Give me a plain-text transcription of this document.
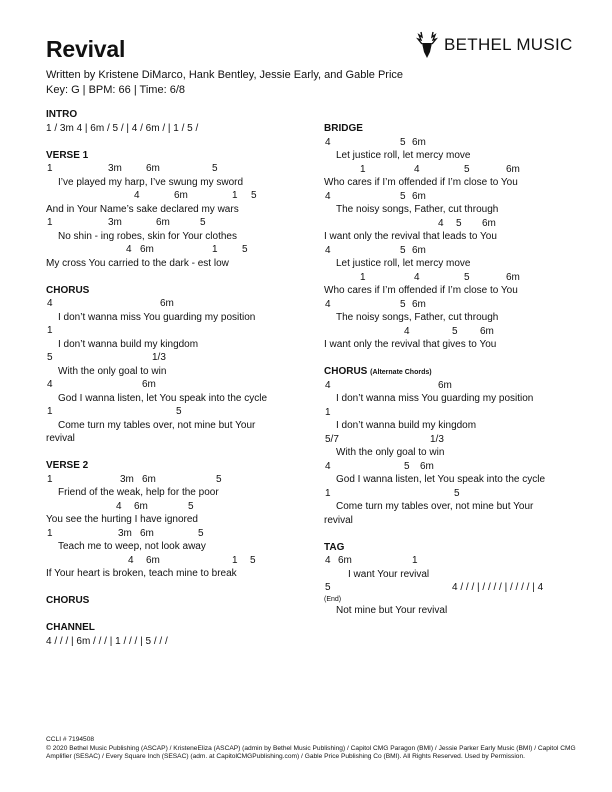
Revival
Written by Kristene DiMarco, Hank Bentley, Jessie Early, and Gable Price
Key: G | BPM: 66 | Time: 6/8
BETHEL MUSIC
INTRO
1 / 3m 4 | 6m / 5 / | 4 / 6m / | 1 / 5 /
VERSE 1
1	3m 6m	5
I’ve played my harp, I’ve swung my sword
4	6m	1 5
And in Your Name’s sake declared my wars
1	3m	6m	5
No shin - ing robes, skin for Your clothes
4 6m	1 5
My cross You carried to the dark - est low
CHORUS
4	6m
I don’t wanna miss You guarding my position
1
I don’t wanna build my kingdom
5	1/3
With the only goal to win
4	6m
God I wanna listen, let You speak into the cycle
1	5
Come turn my tables over, not mine but Your
revival
VERSE 2
1	3m 6m	5
Friend of the weak, help for the poor
4 6m	5
You see the hurting I have ignored
1	3m 6m	5
Teach me to weep, not look away
4 6m	1 5
If Your heart is broken, teach mine to break
CHORUS
CHANNEL
4 / / / | 6m / / / | 1 / / / | 5 / / /
BRIDGE
4	5 6m
Let justice roll, let mercy move
1	4	5	6m
Who cares if I’m offended if I’m close to You
4	5 6m
The noisy songs, Father, cut through
4 5 6m
I want only the revival that leads to You
4	5 6m
Let justice roll, let mercy move
1	4	5	6m
Who cares if I’m offended if I’m close to You
4	5 6m
The noisy songs, Father, cut through
4	5 6m
I want only the revival that gives to You
CHORUS (Alternate Chords)
4	6m
I don’t wanna miss You guarding my position
1
I don’t wanna build my kingdom
5/7	1/3
With the only goal to win
4	5 6m
God I wanna listen, let You speak into the cycle
1	5
Come turn my tables over, not mine but Your
revival
TAG
4 6m	1
I want Your revival
5	4 / / / | / / / / | / / / / | 4
(End)
Not mine but Your revival
CCLI # 7194508
© 2020 Bethel Music Publishing (ASCAP) / KristeneEliza (ASCAP) (admin by Bethel Music Publishing) / Capitol CMG Paragon (BMI) / Jessie Parker Early Music (BMI) / Capitol CMG Amplifier (SESAC) / Every Square Inch (SESAC) (adm. at CapitolCMGPublishing.com) / Gable Price Publishing Co (BMI). All Rights Reserved. Used by Permission.
